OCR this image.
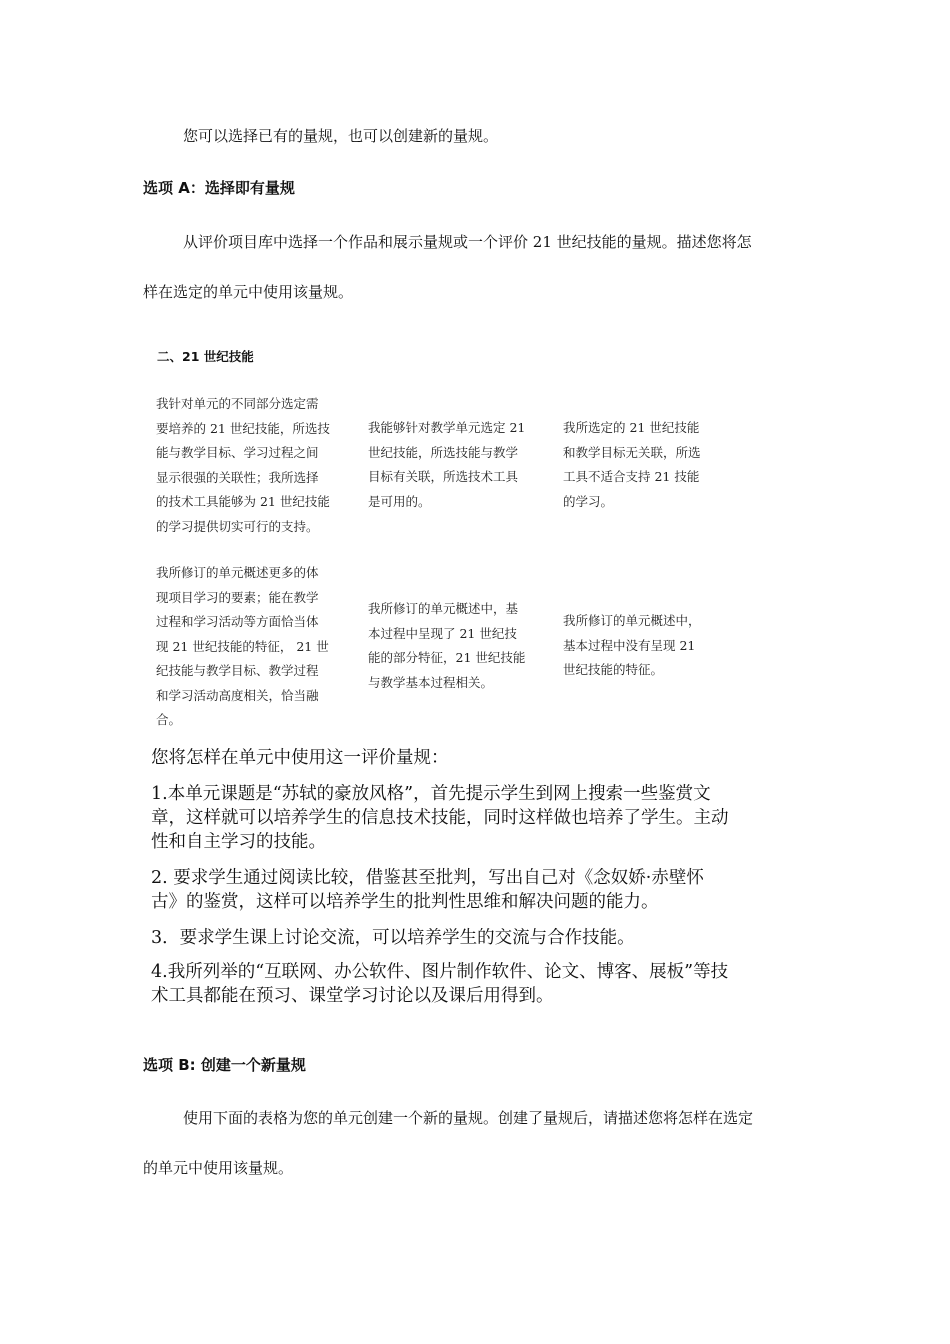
您可以选择已有的量规，也可以创建新的量规。
选项 A：选择即有量规
从评价项目库中选择一个作品和展示量规或一个评价 21 世纪技能的量规。描述您将怎
样在选定的单元中使用该量规。
二、21 世纪技能
我针对单元的不同部分选定需
要培养的 21 世纪技能，所选技
能与教学目标、学习过程之间
显示很强的关联性；我所选择
的技术工具能够为 21 世纪技能
的学习提供切实可行的支持。
我能够针对教学单元选定 21
世纪技能，所选技能与教学
目标有关联，所选技术工具
是可用的。
我所选定的 21 世纪技能
和教学目标无关联，所选
工具不适合支持 21 技能
的学习。
我所修订的单元概述更多的体
现项目学习的要素；能在教学
过程和学习活动等方面恰当体
现 21 世纪技能的特征， 21 世
纪技能与教学目标、教学过程
和学习活动高度相关，恰当融
合。
我所修订的单元概述中，基
本过程中呈现了 21 世纪技
能的部分特征，21 世纪技能
与教学基本过程相关。
我所修订的单元概述中，
基本过程中没有呈现 21
世纪技能的特征。
您将怎样在单元中使用这一评价量规：
1.本单元课题是“苏轼的豪放风格”，首先提示学生到网上搜索一些鉴赏文
章，这样就可以培养学生的信息技术技能，同时这样做也培养了学生。主动
性和自主学习的技能。
2. 要求学生通过阅读比较，借鉴甚至批判，写出自己对《念奴娇·赤壁怀
古》的鉴赏，这样可以培养学生的批判性思维和解决问题的能力。
3．要求学生课上讨论交流，可以培养学生的交流与合作技能。
4.我所列举的“互联网、办公软件、图片制作软件、论文、博客、展板”等技
术工具都能在预习、课堂学习讨论以及课后用得到。
选项 B: 创建一个新量规
使用下面的表格为您的单元创建一个新的量规。创建了量规后，请描述您将怎样在选定
的单元中使用该量规。
